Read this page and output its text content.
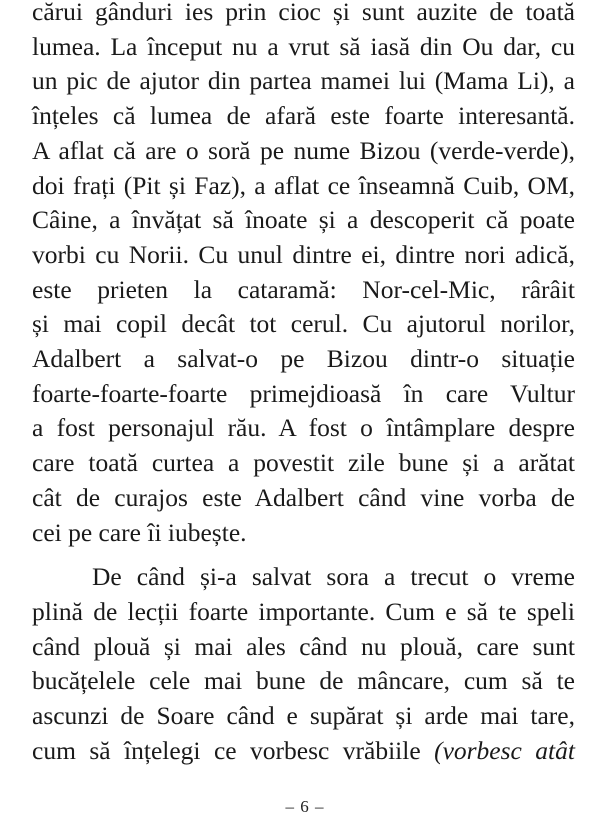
cărui gânduri ies prin cioc și sunt auzite de toată
lumea. La început nu a vrut să iasă din Ou dar, cu
un pic de ajutor din partea mamei lui (Mama Li), a
înțeles că lumea de afară este foarte interesantă.
A aflat că are o soră pe nume Bizou (verde-verde),
doi frați (Pit și Faz), a aflat ce înseamnă Cuib, OM,
Câine, a învățat să înoate și a descoperit că poate
vorbi cu Norii. Cu unul dintre ei, dintre nori adică,
este prieten la cataramă: Nor-cel-Mic, rârâit
și mai copil decât tot cerul. Cu ajutorul norilor,
Adalbert a salvat-o pe Bizou dintr-o situație
foarte-foarte-foarte primejdioasă în care Vultur
a fost personajul rău. A fost o întâmplare despre
care toată curtea a povestit zile bune și a arătat
cât de curajos este Adalbert când vine vorba de
cei pe care îi iubește.

De când și-a salvat sora a trecut o vreme
plină de lecții foarte importante. Cum e să te speli
când plouă și mai ales când nu plouă, care sunt
bucățelele cele mai bune de mâncare, cum să te
ascunzi de Soare când e supărat și arde mai tare,
cum să înțelegi ce vorbesc vrăbiile (vorbesc atât

– 6 –
